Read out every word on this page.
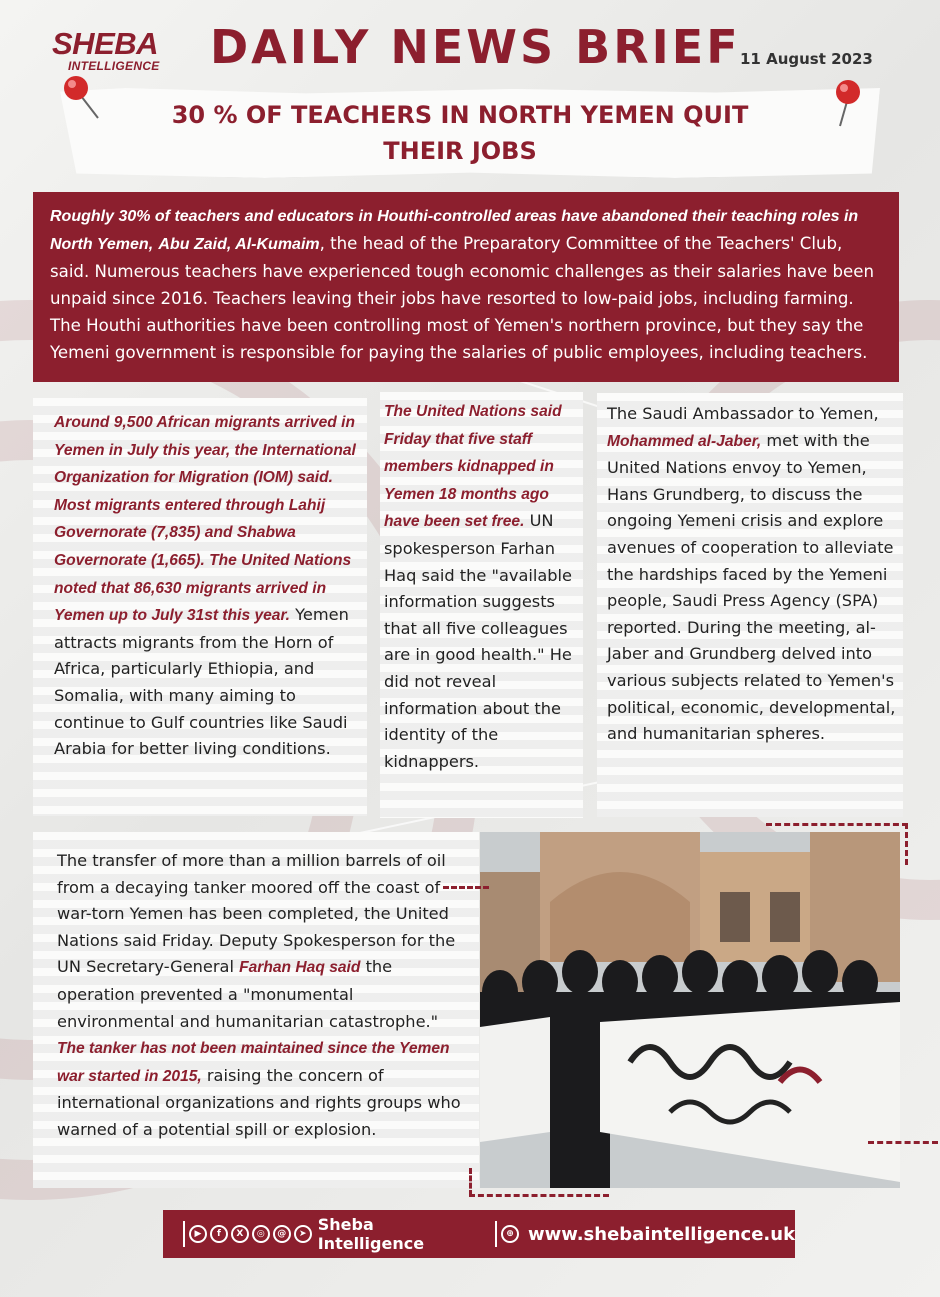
SHEBA
INTELLIGENCE	DAILY NEWS BRIEF 11 August 2023
30 % OF TEACHERS IN NORTH YEMEN QUIT THEIR JOBS
Roughly 30% of teachers and educators in Houthi-controlled areas have abandoned their teaching roles in North Yemen, Abu Zaid, Al-Kumaim, the head of the Preparatory Committee of the Teachers' Club, said. Numerous teachers have experienced tough economic challenges as their salaries have been unpaid since 2016. Teachers leaving their jobs have resorted to low-paid jobs, including farming. The Houthi authorities have been controlling most of Yemen's northern province, but they say the Yemeni government is responsible for paying the salaries of public employees, including teachers.
Around 9,500 African migrants arrived in Yemen in July this year, the International Organization for Migration (IOM) said. Most migrants entered through Lahij Governorate (7,835) and Shabwa Governorate (1,665). The United Nations noted that 86,630 migrants arrived in Yemen up to July 31st this year. Yemen attracts migrants from the Horn of Africa, particularly Ethiopia, and Somalia, with many aiming to continue to Gulf countries like Saudi Arabia for better living conditions.
The United Nations said Friday that five staff members kidnapped in Yemen 18 months ago have been set free. UN spokesperson Farhan Haq said the "available information suggests that all five colleagues are in good health." He did not reveal information about the identity of the kidnappers.
The Saudi Ambassador to Yemen, Mohammed al-Jaber, met with the United Nations envoy to Yemen, Hans Grundberg, to discuss the ongoing Yemeni crisis and explore avenues of cooperation to alleviate the hardships faced by the Yemeni people, Saudi Press Agency (SPA) reported. During the meeting, al-Jaber and Grundberg delved into various subjects related to Yemen's political, economic, developmental, and humanitarian spheres.
The transfer of more than a million barrels of oil from a decaying tanker moored off the coast of war-torn Yemen has been completed, the United Nations said Friday. Deputy Spokesperson for the UN Secretary-General Farhan Haq said the operation prevented a "monumental environmental and humanitarian catastrophe." The tanker has not been maintained since the Yemen war started in 2015, raising the concern of international organizations and rights groups who warned of a potential spill or explosion.
▶	f	X	◎	@	➤ Sheba Intelligence	⊕ www.shebaintelligence.uk
